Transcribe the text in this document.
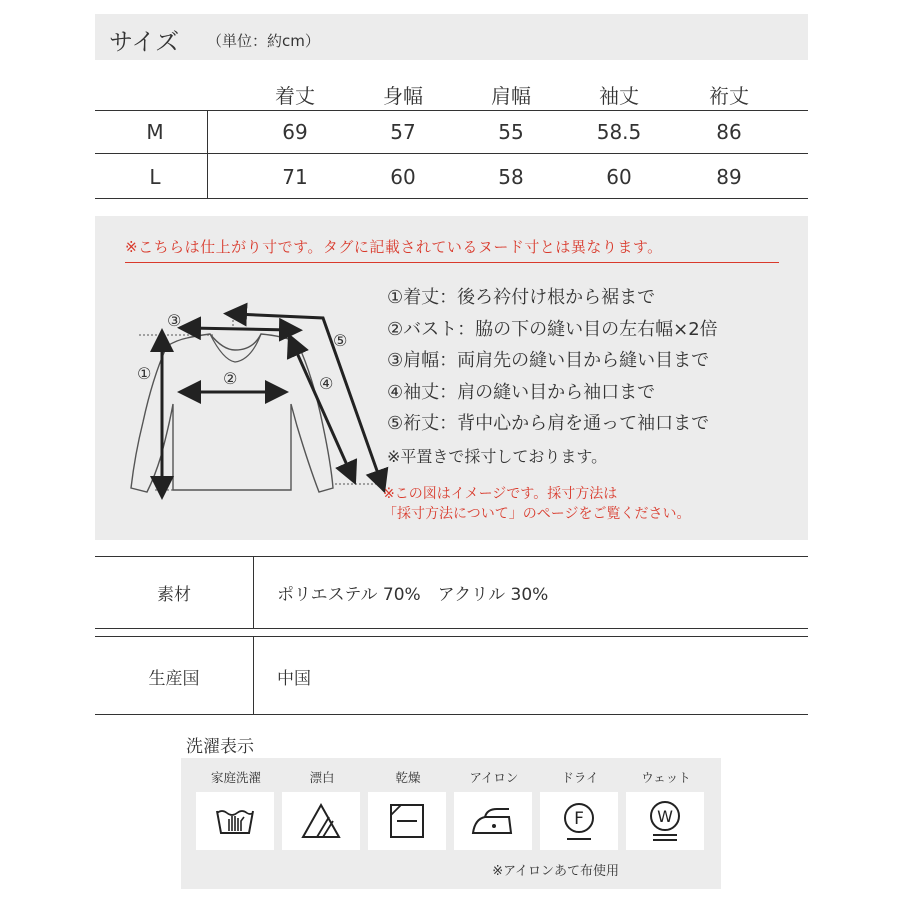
サイズ （単位：約cm）
着丈	身幅	肩幅	袖丈	裄丈
M	69	57	55	58.5	86
L	71	60	58	60	89
※こちらは仕上がり寸です。タグに記載されているヌード寸とは異なります。
①	②
③
④
⑤
①着丈：後ろ衿付け根から裾まで
②バスト：脇の下の縫い目の左右幅×2倍
③肩幅：両肩先の縫い目から縫い目まで
④袖丈：肩の縫い目から袖口まで
⑤裄丈：背中心から肩を通って袖口まで
※平置きで採寸しております。
※この図はイメージです。採寸方法は
「採寸方法について」のページをご覧ください。
素材	ポリエステル 70%　アクリル 30%
生産国	中国
洗濯表示
家庭洗濯	漂白	乾燥	アイロン	ドライ
F
ウェット
W
※アイロンあて布使用
